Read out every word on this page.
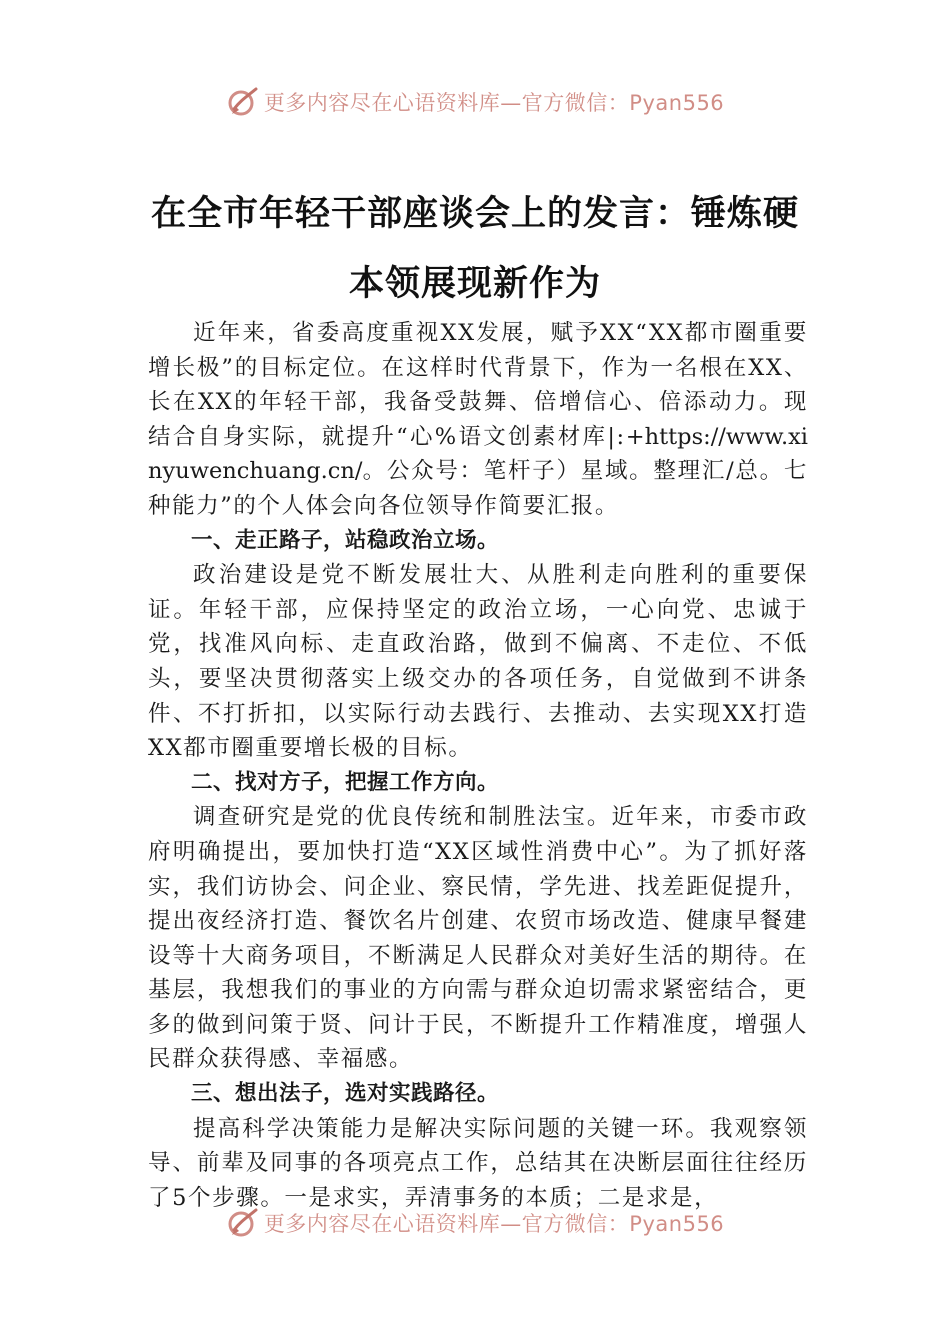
更多内容尽在心语资料库—官方微信：Pyan556
在全市年轻干部座谈会上的发言：锤炼硬
本领展现新作为

近年来，省委高度重视XX发展，赋予XX“XX都市圈重要增长极”的目标定位。在这样时代背景下，作为一名根在XX、长在XX的年轻干部，我备受鼓舞、倍增信心、倍添动力。现结合自身实际，就提升“心%语文创素材库|:+https://www.xinyuwenchuang.cn/。公众号：笔杆子）星域。整理汇/总。七种能力”的个人体会向各位领导作简要汇报。

一、走正路子，站稳政治立场。

政治建设是党不断发展壮大、从胜利走向胜利的重要保证。年轻干部，应保持坚定的政治立场，一心向党、忠诚于党，找准风向标、走直政治路，做到不偏离、不走位、不低头，要坚决贯彻落实上级交办的各项任务，自觉做到不讲条件、不打折扣，以实际行动去践行、去推动、去实现XX打造XX都市圈重要增长极的目标。

二、找对方子，把握工作方向。

调查研究是党的优良传统和制胜法宝。近年来，市委市政府明确提出，要加快打造“XX区域性消费中心”。为了抓好落实，我们访协会、问企业、察民情，学先进、找差距促提升，提出夜经济打造、餐饮名片创建、农贸市场改造、健康早餐建设等十大商务项目，不断满足人民群众对美好生活的期待。在基层，我想我们的事业的方向需与群众迫切需求紧密结合，更多的做到问策于贤、问计于民，不断提升工作精准度，增强人民群众获得感、幸福感。

三、想出法子，选对实践路径。

提高科学决策能力是解决实际问题的关键一环。我观察领导、前辈及同事的各项亮点工作，总结其在决断层面往往经历了5个步骤。一是求实，弄清事务的本质；二是求是，

更多内容尽在心语资料库—官方微信：Pyan556
